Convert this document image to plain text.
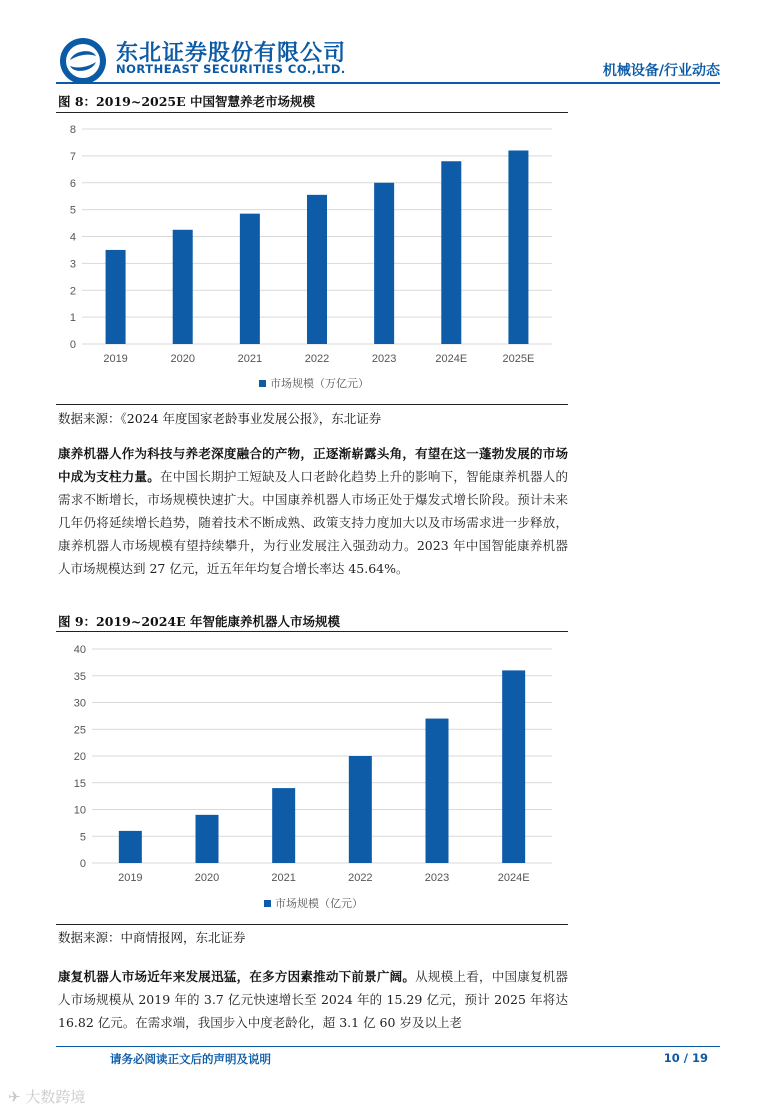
东北证券股份有限公司
NORTHEAST SECURITIES CO.,LTD.	机械设备/行业动态
图 8：2019~2025E 中国智慧养老市场规模
0
1
2
3
4
5
6
7
8
2019	2020	2021	2022	2023	2024E	2025E
市场规模（万亿元）
数据来源：《2024 年度国家老龄事业发展公报》，东北证券
康养机器人作为科技与养老深度融合的产物，正逐渐崭露头角，有望在这一蓬勃发展的市场中成为支柱力量。在中国长期护工短缺及人口老龄化趋势上升的影响下，智能康养机器人的需求不断增长，市场规模快速扩大。中国康养机器人市场正处于爆发式增长阶段。预计未来几年仍将延续增长趋势，随着技术不断成熟、政策支持力度加大以及市场需求进一步释放，康养机器人市场规模有望持续攀升，为行业发展注入强劲动力。2023 年中国智能康养机器人市场规模达到 27 亿元，近五年年均复合增长率达 45.64%。
图 9：2019~2024E 年智能康养机器人市场规模
0
5
10
15
20
25
30
35
40
2019	2020	2021	2022	2023	2024E
市场规模（亿元）
数据来源：中商情报网，东北证券
康复机器人市场近年来发展迅猛，在多方因素推动下前景广阔。从规模上看，中国康复机器人市场规模从 2019 年的 3.7 亿元快速增长至 2024 年的 15.29 亿元，预计 2025 年将达 16.82 亿元。在需求端，我国步入中度老龄化，超 3.1 亿 60 岁及以上老
请务必阅读正文后的声明及说明	10 / 19
✈ 大数跨境
